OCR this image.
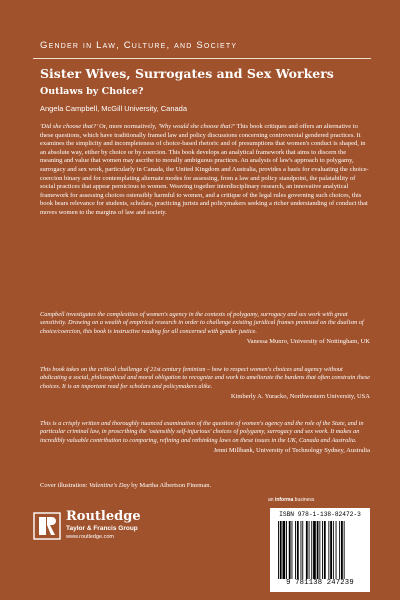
Gender in Law, Culture, and Society
Sister Wives, Surrogates and Sex Workers
Outlaws by Choice?
Angela Campbell, McGill University, Canada
'Did she choose that?' Or, more normatively, 'Why would she choose that?' This book critiques and offers an alternative to these questions, which have traditionally framed law and policy discussions concerning controversial gendered practices. It examines the simplicity and incompleteness of choice-based rhetoric and of presumptions that women's conduct is shaped, in an absolute way, either by choice or by coercion. This book develops an analytical framework that aims to discern the meaning and value that women may ascribe to morally ambiguous practices. An analysis of law's approach to polygamy, surrogacy and sex work, particularly in Canada, the United Kingdom and Australia, provides a basis for evaluating the choice-coercion binary and for contemplating alternate modes for assessing, from a law and policy standpoint, the palatability of social practices that appear pernicious to women. Weaving together interdisciplinary research, an innovative analytical framework for assessing choices ostensibly harmful to women, and a critique of the legal rules governing such choices, this book bears relevance for students, scholars, practicing jurists and policymakers seeking a richer understanding of conduct that moves women to the margins of law and society.
Campbell investigates the complexities of women's agency in the contexts of polygamy, surrogacy and sex work with great sensitivity. Drawing on a wealth of empirical research in order to challenge existing juridical frames premised on the dualism of choice/coercion, this book is instructive reading for all concerned with gender justice.
Vanessa Munro, University of Nottingham, UK
This book takes on the critical challenge of 21st century feminism – how to respect women's choices and agency without abdicating a social, philosophical and moral obligation to recognize and work to ameliorate the burdens that often constrain these choices. It is an important read for scholars and policymakers alike.
Kimberly A. Yuracko, Northwestern University, USA
This is a crisply written and thoroughly nuanced examination of the question of women's agency and the role of the State, and in particular criminal law, in proscribing the 'ostensibly self-injurious' choices of polygamy, surrogacy and sex work. It makes an incredibly valuable contribution to comparing, refining and rethinking laws on these issues in the UK, Canada and Australia.
Jenni Millbank, University of Technology Sydney, Australia
Cover illustration: Valentine's Day by Martha Albertson Fineman.
an informa business
Routledge
Taylor & Francis Group
www.routledge.com
ISBN 978-1-138-82472-3
9 781138 247239
